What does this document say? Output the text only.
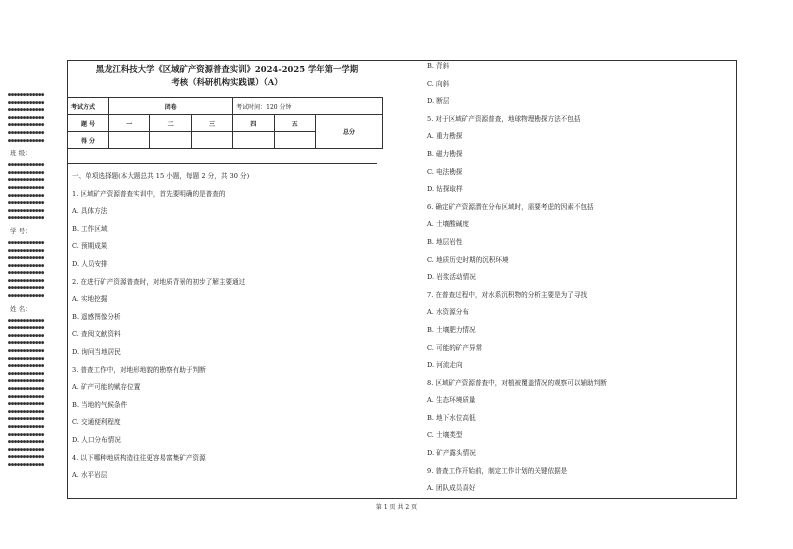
●●●●●●●●●●●●
●●●●●●●●●●●●
●●●●●●●●●●●●
●●●●●●●●●●●●
●●●●●●●●●●●●
●●●●●●●●●●●●
●●●●●●●●●●●●
班 级：
●●●●●●●●●●●●
●●●●●●●●●●●●
●●●●●●●●●●●●
●●●●●●●●●●●●
●●●●●●●●●●●●
●●●●●●●●●●●●
●●●●●●●●●●●●
●●●●●●●●●●●●
学 号：
●●●●●●●●●●●●
●●●●●●●●●●●●
●●●●●●●●●●●●
●●●●●●●●●●●●
●●●●●●●●●●●●
●●●●●●●●●●●●
●●●●●●●●●●●●
●●●●●●●●●●●●
姓 名：
●●●●●●●●●●●●
●●●●●●●●●●●●
●●●●●●●●●●●●
●●●●●●●●●●●●
●●●●●●●●●●●●
●●●●●●●●●●●●
●●●●●●●●●●●●
●●●●●●●●●●●●
●●●●●●●●●●●●
●●●●●●●●●●●●
●●●●●●●●●●●●
●●●●●●●●●●●●
●●●●●●●●●●●●
●●●●●●●●●●●●
●●●●●●●●●●●●
●●●●●●●●●●●●
●●●●●●●●●●●●
●●●●●●●●●●●●
●●●●●●●●●●●●
●●●●●●●●●●●●
黑龙江科技大学《区域矿产资源普查实训》2024-2025 学年第一学期
考核（科研机构实践课）（A）
考试方式	闭卷			考试时间：120 分钟		
题 号	一	二	三	四	五	总分
得 分						
一、单项选择题(本大题总共 15 小题，每题 2 分，共 30 分)
1. 区域矿产资源普查实训中，首先要明确的是普查的
A. 具体方法
B. 工作区域
C. 预期成果
D. 人员安排
2. 在进行矿产资源普查时，对地质背景的初步了解主要通过
A. 实地挖掘
B. 遥感图像分析
C. 查阅文献资料
D. 询问当地居民
3. 普查工作中，对地形地貌的勘察有助于判断
A. 矿产可能的赋存位置
B. 当地的气候条件
C. 交通便利程度
D. 人口分布情况
4. 以下哪种地质构造往往更容易富集矿产资源
A. 水平岩层
B. 背斜
C. 向斜
D. 断层
5. 对于区域矿产资源普查，地球物理勘探方法不包括
A. 重力勘探
B. 磁力勘探
C. 电法勘探
D. 钻探取样
6. 确定矿产资源潜在分布区域时，需要考虑的因素不包括
A. 土壤酸碱度
B. 地层岩性
C. 地质历史时期的沉积环境
D. 岩浆活动情况
7. 在普查过程中，对水系沉积物的分析主要是为了寻找
A. 水资源分布
B. 土壤肥力情况
C. 可能的矿产异常
D. 河流走向
8. 区域矿产资源普查中，对植被覆盖情况的观察可以辅助判断
A. 生态环境质量
B. 地下水位高低
C. 土壤类型
D. 矿产露头情况
9. 普查工作开始前，制定工作计划的关键依据是
A. 团队成员喜好
第 1 页 共 2 页
